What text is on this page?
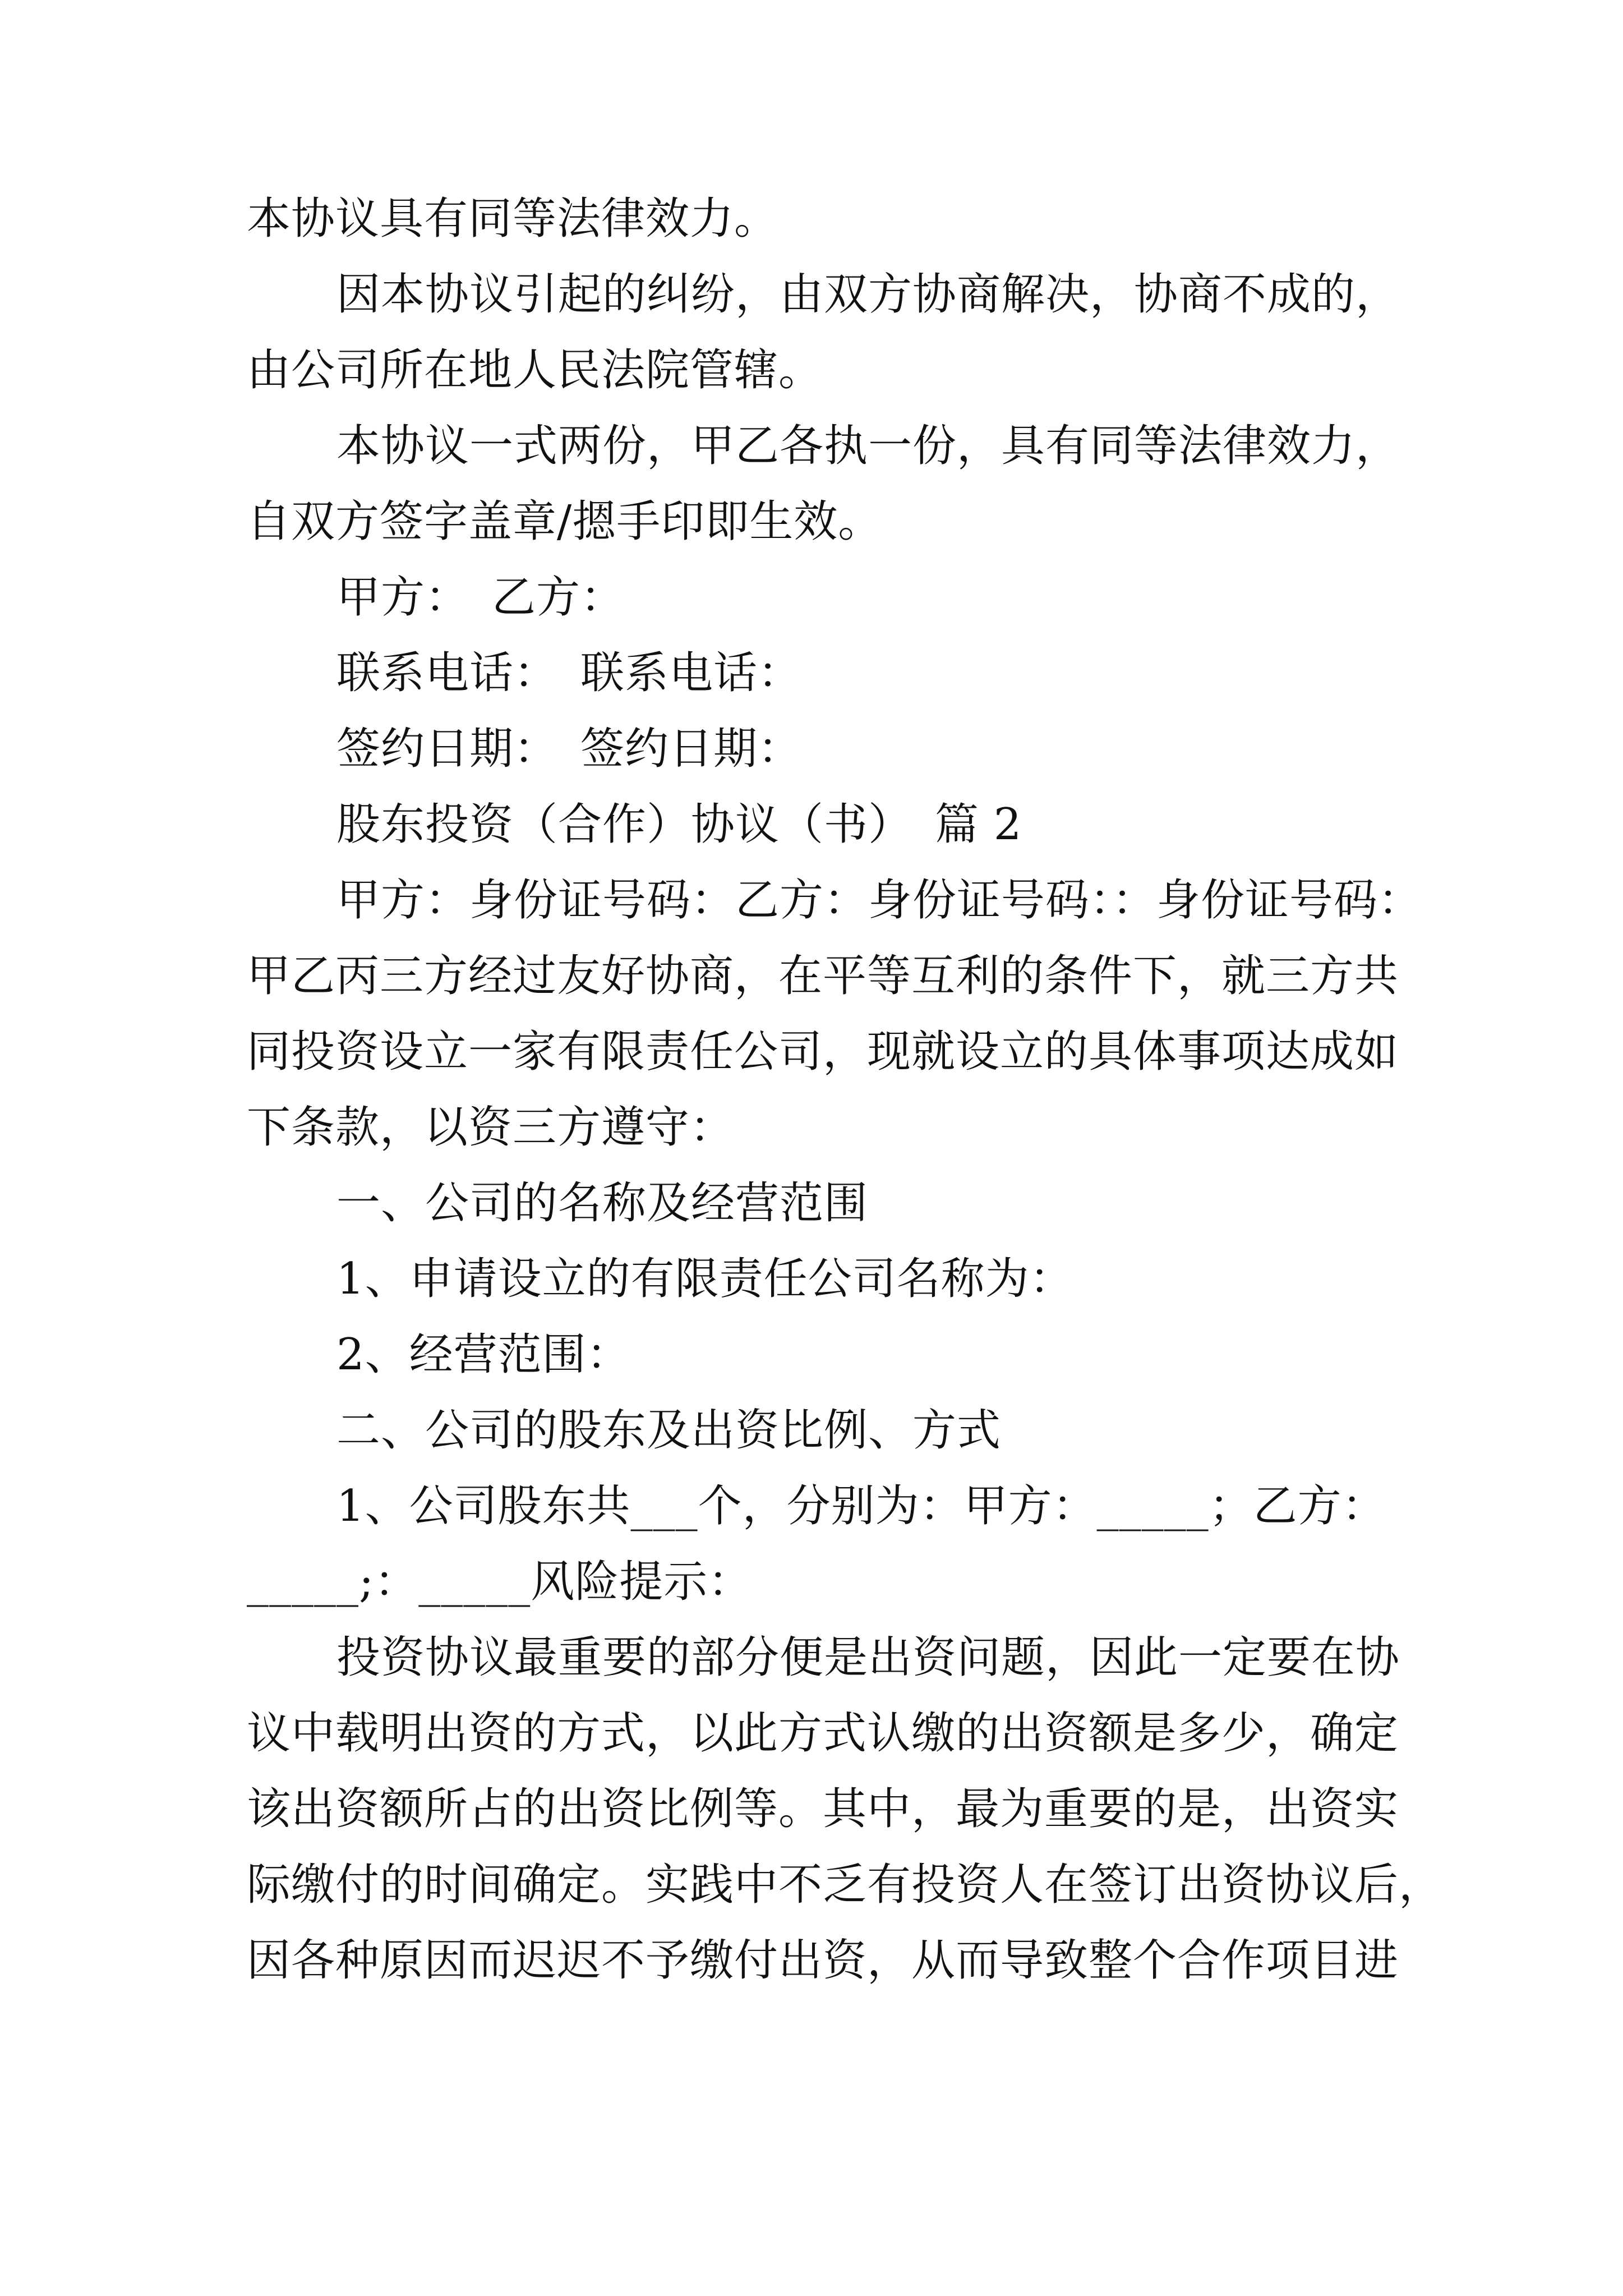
本协议具有同等法律效力。
因本协议引起的纠纷，由双方协商解决，协商不成的，
由公司所在地人民法院管辖。
本协议一式两份，甲乙各执一份，具有同等法律效力，
自双方签字盖章/摁手印即生效。
甲方：　乙方：
联系电话：　联系电话：
签约日期：　签约日期：
股东投资（合作）协议（书）　篇 2
甲方：身份证号码：乙方：身份证号码：：身份证号码：
甲乙丙三方经过友好协商，在平等互利的条件下，就三方共
同投资设立一家有限责任公司，现就设立的具体事项达成如
下条款，以资三方遵守：
一、公司的名称及经营范围
1、申请设立的有限责任公司名称为：
2、经营范围：
二、公司的股东及出资比例、方式
1、公司股东共___个，分别为：甲方：_____；乙方：
_____;：_____风险提示：
投资协议最重要的部分便是出资问题，因此一定要在协
议中载明出资的方式，以此方式认缴的出资额是多少，确定
该出资额所占的出资比例等。其中，最为重要的是，出资实
际缴付的时间确定。实践中不乏有投资人在签订出资协议后，
因各种原因而迟迟不予缴付出资，从而导致整个合作项目进
